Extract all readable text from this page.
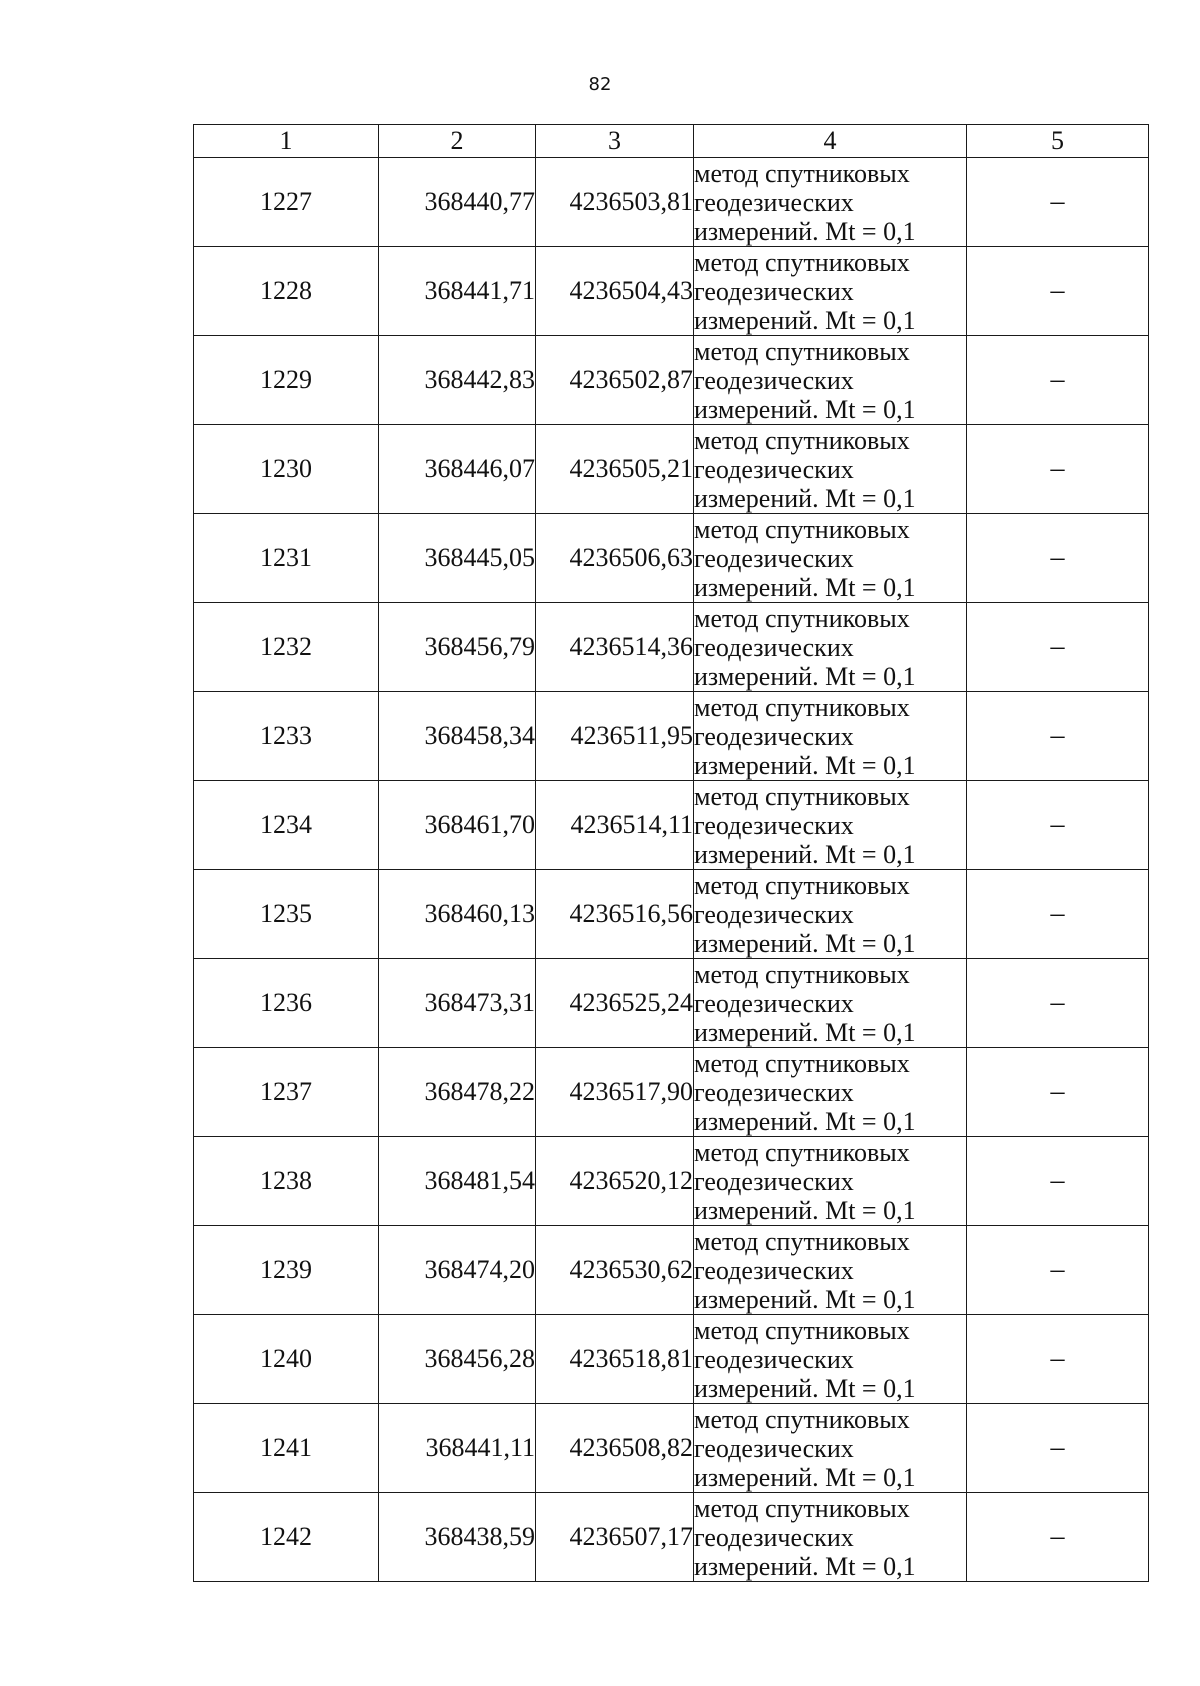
82
1	2	3	4	5
1227	368440,77	4236503,81	метод спутниковых
геодезических
измерений. Mt = 0,1	–
1228	368441,71	4236504,43	метод спутниковых
геодезических
измерений. Mt = 0,1	–
1229	368442,83	4236502,87	метод спутниковых
геодезических
измерений. Mt = 0,1	–
1230	368446,07	4236505,21	метод спутниковых
геодезических
измерений. Mt = 0,1	–
1231	368445,05	4236506,63	метод спутниковых
геодезических
измерений. Mt = 0,1	–
1232	368456,79	4236514,36	метод спутниковых
геодезических
измерений. Mt = 0,1	–
1233	368458,34	4236511,95	метод спутниковых
геодезических
измерений. Mt = 0,1	–
1234	368461,70	4236514,11	метод спутниковых
геодезических
измерений. Mt = 0,1	–
1235	368460,13	4236516,56	метод спутниковых
геодезических
измерений. Mt = 0,1	–
1236	368473,31	4236525,24	метод спутниковых
геодезических
измерений. Mt = 0,1	–
1237	368478,22	4236517,90	метод спутниковых
геодезических
измерений. Mt = 0,1	–
1238	368481,54	4236520,12	метод спутниковых
геодезических
измерений. Mt = 0,1	–
1239	368474,20	4236530,62	метод спутниковых
геодезических
измерений. Mt = 0,1	–
1240	368456,28	4236518,81	метод спутниковых
геодезических
измерений. Mt = 0,1	–
1241	368441,11	4236508,82	метод спутниковых
геодезических
измерений. Mt = 0,1	–
1242	368438,59	4236507,17	метод спутниковых
геодезических
измерений. Mt = 0,1	–
